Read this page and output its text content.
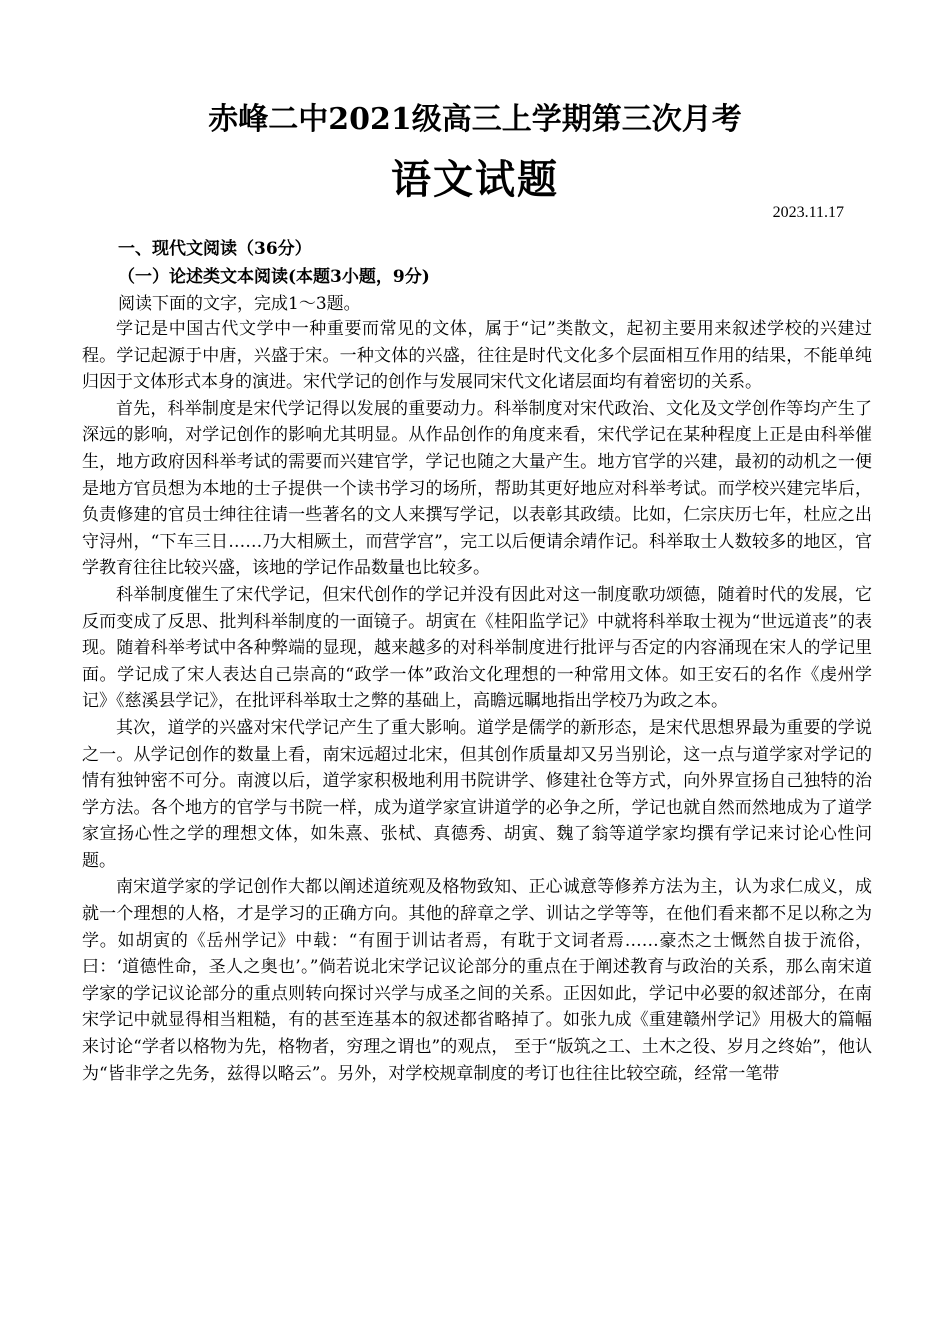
赤峰二中2021级高三上学期第三次月考
语文试题
2023.11.17
一、现代文阅读（36分）
（一）论述类文本阅读(本题3小题，9分)
阅读下面的文字，完成1～3题。

学记是中国古代文学中一种重要而常见的文体，属于“记”类散文，起初主要用来叙述学校的兴建过程。学记起源于中唐，兴盛于宋。一种文体的兴盛，往往是时代文化多个层面相互作用的结果，不能单纯归因于文体形式本身的演进。宋代学记的创作与发展同宋代文化诸层面均有着密切的关系。

首先，科举制度是宋代学记得以发展的重要动力。科举制度对宋代政治、文化及文学创作等均产生了深远的影响，对学记创作的影响尤其明显。从作品创作的角度来看，宋代学记在某种程度上正是由科举催生，地方政府因科举考试的需要而兴建官学，学记也随之大量产生。地方官学的兴建，最初的动机之一便是地方官员想为本地的士子提供一个读书学习的场所，帮助其更好地应对科举考试。而学校兴建完毕后，负责修建的官员士绅往往请一些著名的文人来撰写学记，以表彰其政绩。比如，仁宗庆历七年，杜应之出守浔州，“下车三日……乃大相厥土，而营学宫”，完工以后便请余靖作记。科举取士人数较多的地区，官学教育往往比较兴盛，该地的学记作品数量也比较多。

科举制度催生了宋代学记，但宋代创作的学记并没有因此对这一制度歌功颂德，随着时代的发展，它反而变成了反思、批判科举制度的一面镜子。胡寅在《桂阳监学记》中就将科举取士视为“世远道丧”的表现。随着科举考试中各种弊端的显现，越来越多的对科举制度进行批评与否定的内容涌现在宋人的学记里面。学记成了宋人表达自己崇高的“政学一体”政治文化理想的一种常用文体。如王安石的名作《虔州学记》《慈溪县学记》，在批评科举取士之弊的基础上，高瞻远瞩地指出学校乃为政之本。

其次，道学的兴盛对宋代学记产生了重大影响。道学是儒学的新形态，是宋代思想界最为重要的学说之一。从学记创作的数量上看，南宋远超过北宋，但其创作质量却又另当别论，这一点与道学家对学记的情有独钟密不可分。南渡以后，道学家积极地利用书院讲学、修建社仓等方式，向外界宣扬自己独特的治学方法。各个地方的官学与书院一样，成为道学家宣讲道学的必争之所，学记也就自然而然地成为了道学家宣扬心性之学的理想文体，如朱熹、张栻、真德秀、胡寅、魏了翁等道学家均撰有学记来讨论心性问题。

南宋道学家的学记创作大都以阐述道统观及格物致知、正心诚意等修养方法为主，认为求仁成义，成就一个理想的人格，才是学习的正确方向。其他的辞章之学、训诂之学等等，在他们看来都不足以称之为学。如胡寅的《岳州学记》中载：“有囿于训诂者焉，有耽于文词者焉……豪杰之士慨然自拔于流俗，曰：‘道德性命，圣人之奥也’。”倘若说北宋学记议论部分的重点在于阐述教育与政治的关系，那么南宋道学家的学记议论部分的重点则转向探讨兴学与成圣之间的关系。正因如此，学记中必要的叙述部分，在南宋学记中就显得相当粗糙，有的甚至连基本的叙述都省略掉了。如张九成《重建赣州学记》用极大的篇幅来讨论“学者以格物为先，格物者，穷理之谓也”的观点， 至于“版筑之工、土木之役、岁月之终始”，他认为“皆非学之先务，兹得以略云”。另外，对学校规章制度的考订也往往比较空疏，经常一笔带
